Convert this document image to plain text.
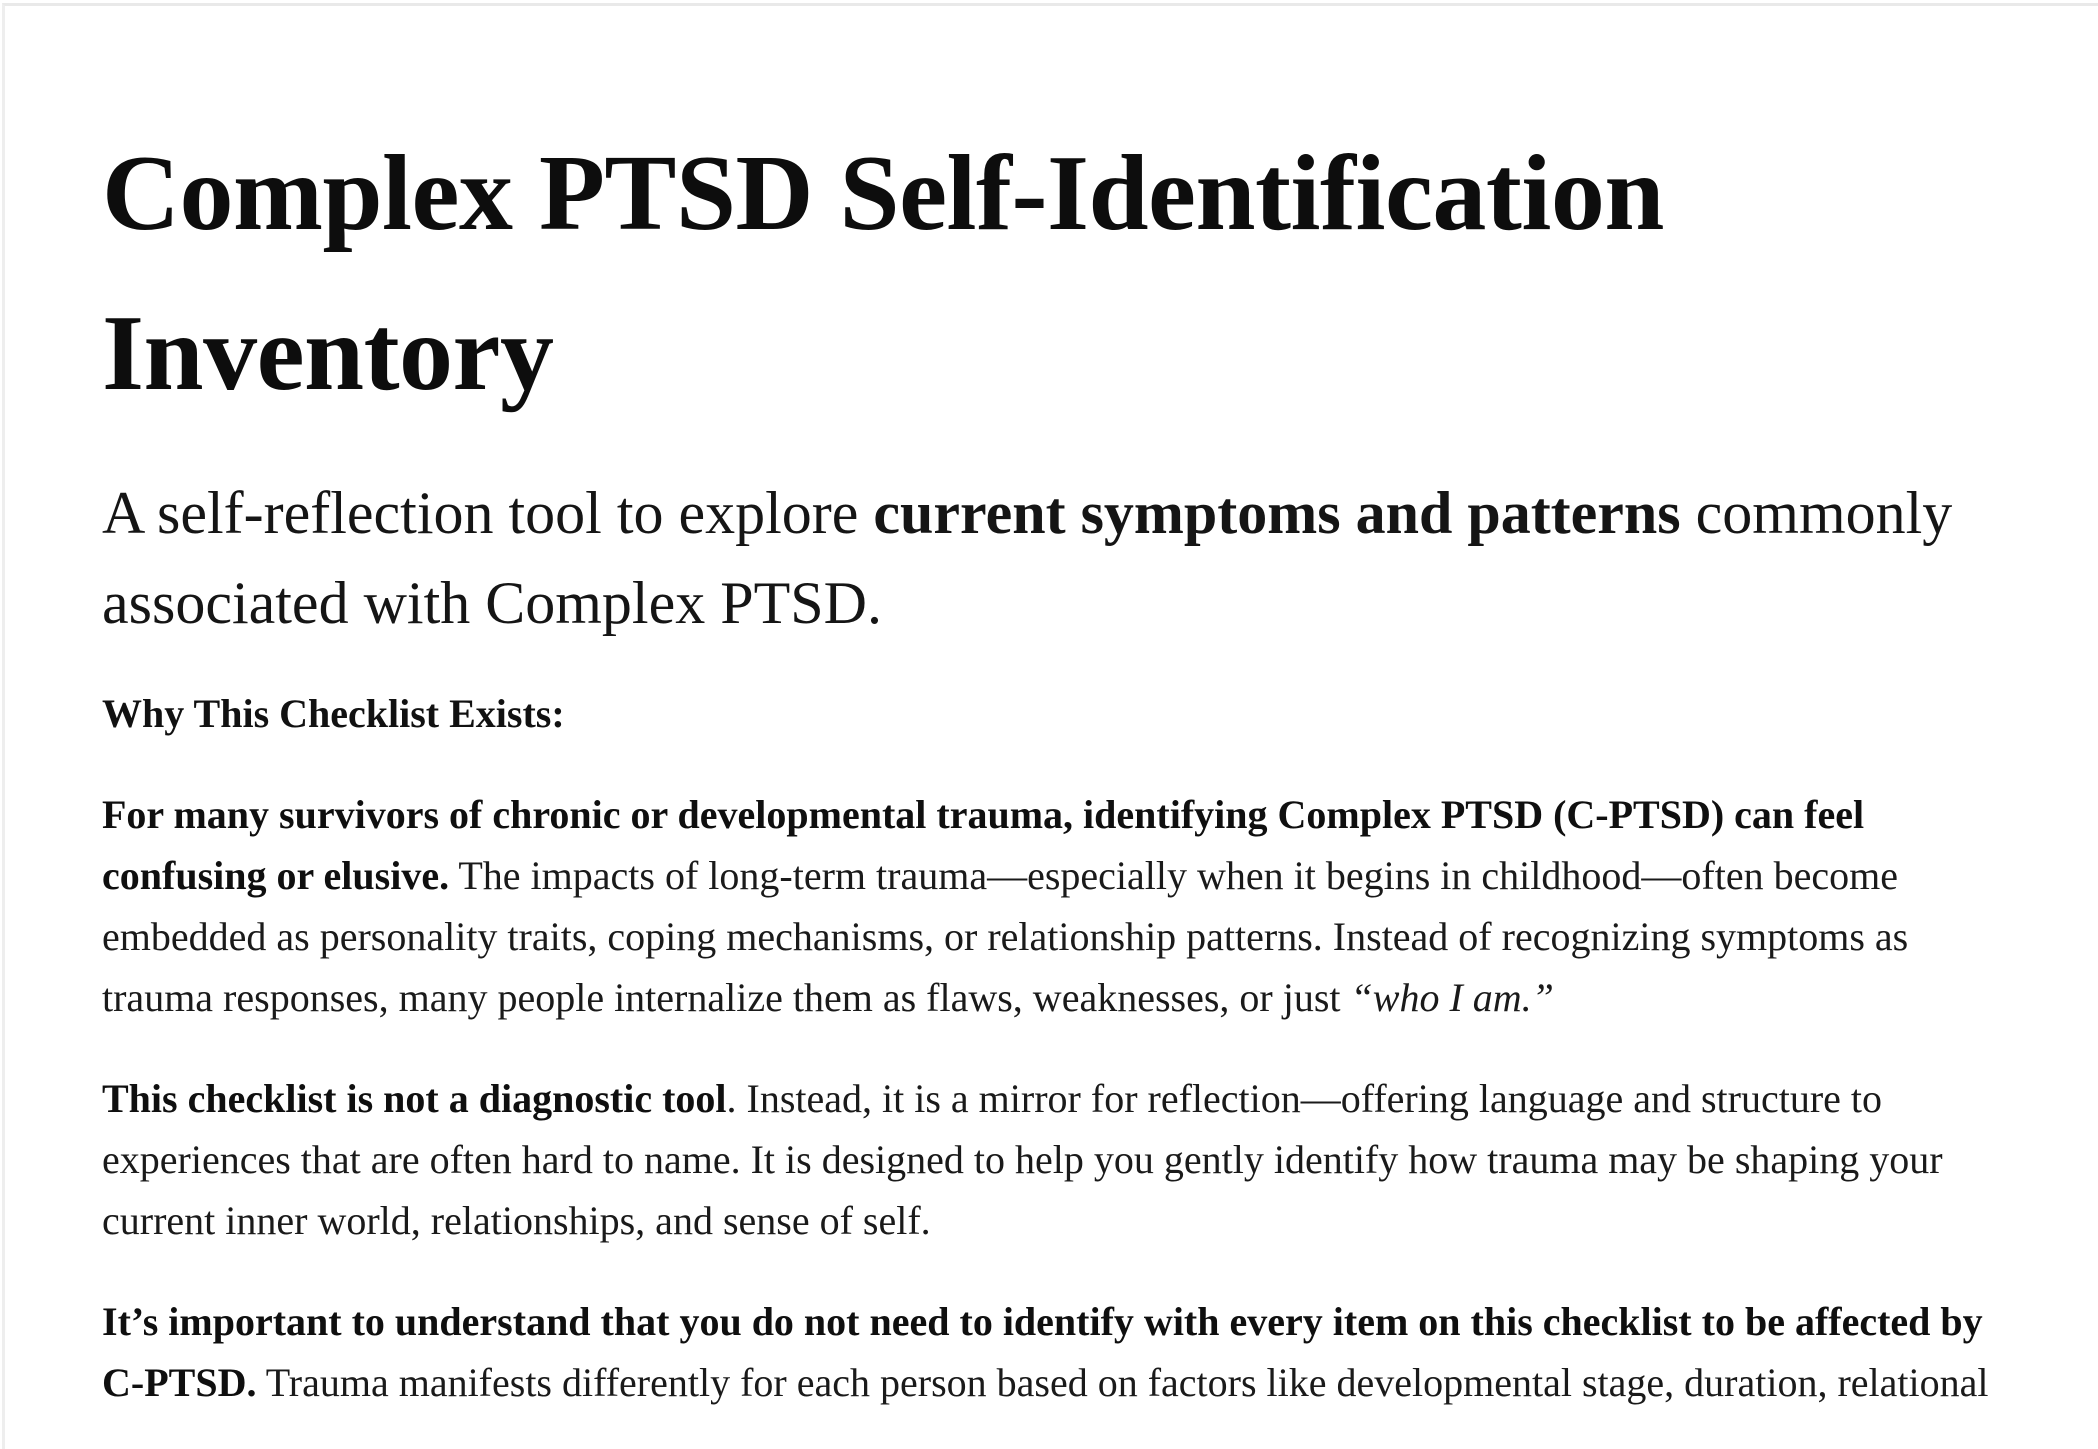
Complex PTSD Self-Identification Inventory

A self-reflection tool to explore current symptoms and patterns commonly associated with Complex PTSD.

Why This Checklist Exists:

For many survivors of chronic or developmental trauma, identifying Complex PTSD (C-PTSD) can feel confusing or elusive. The impacts of long-term trauma—especially when it begins in childhood—often become embedded as personality traits, coping mechanisms, or relationship patterns. Instead of recognizing symptoms as trauma responses, many people internalize them as flaws, weaknesses, or just “who I am.”

This checklist is not a diagnostic tool. Instead, it is a mirror for reflection—offering language and structure to experiences that are often hard to name. It is designed to help you gently identify how trauma may be shaping your current inner world, relationships, and sense of self.

It’s important to understand that you do not need to identify with every item on this checklist to be affected by C-PTSD. Trauma manifests differently for each person based on factors like developmental stage, duration, relational
